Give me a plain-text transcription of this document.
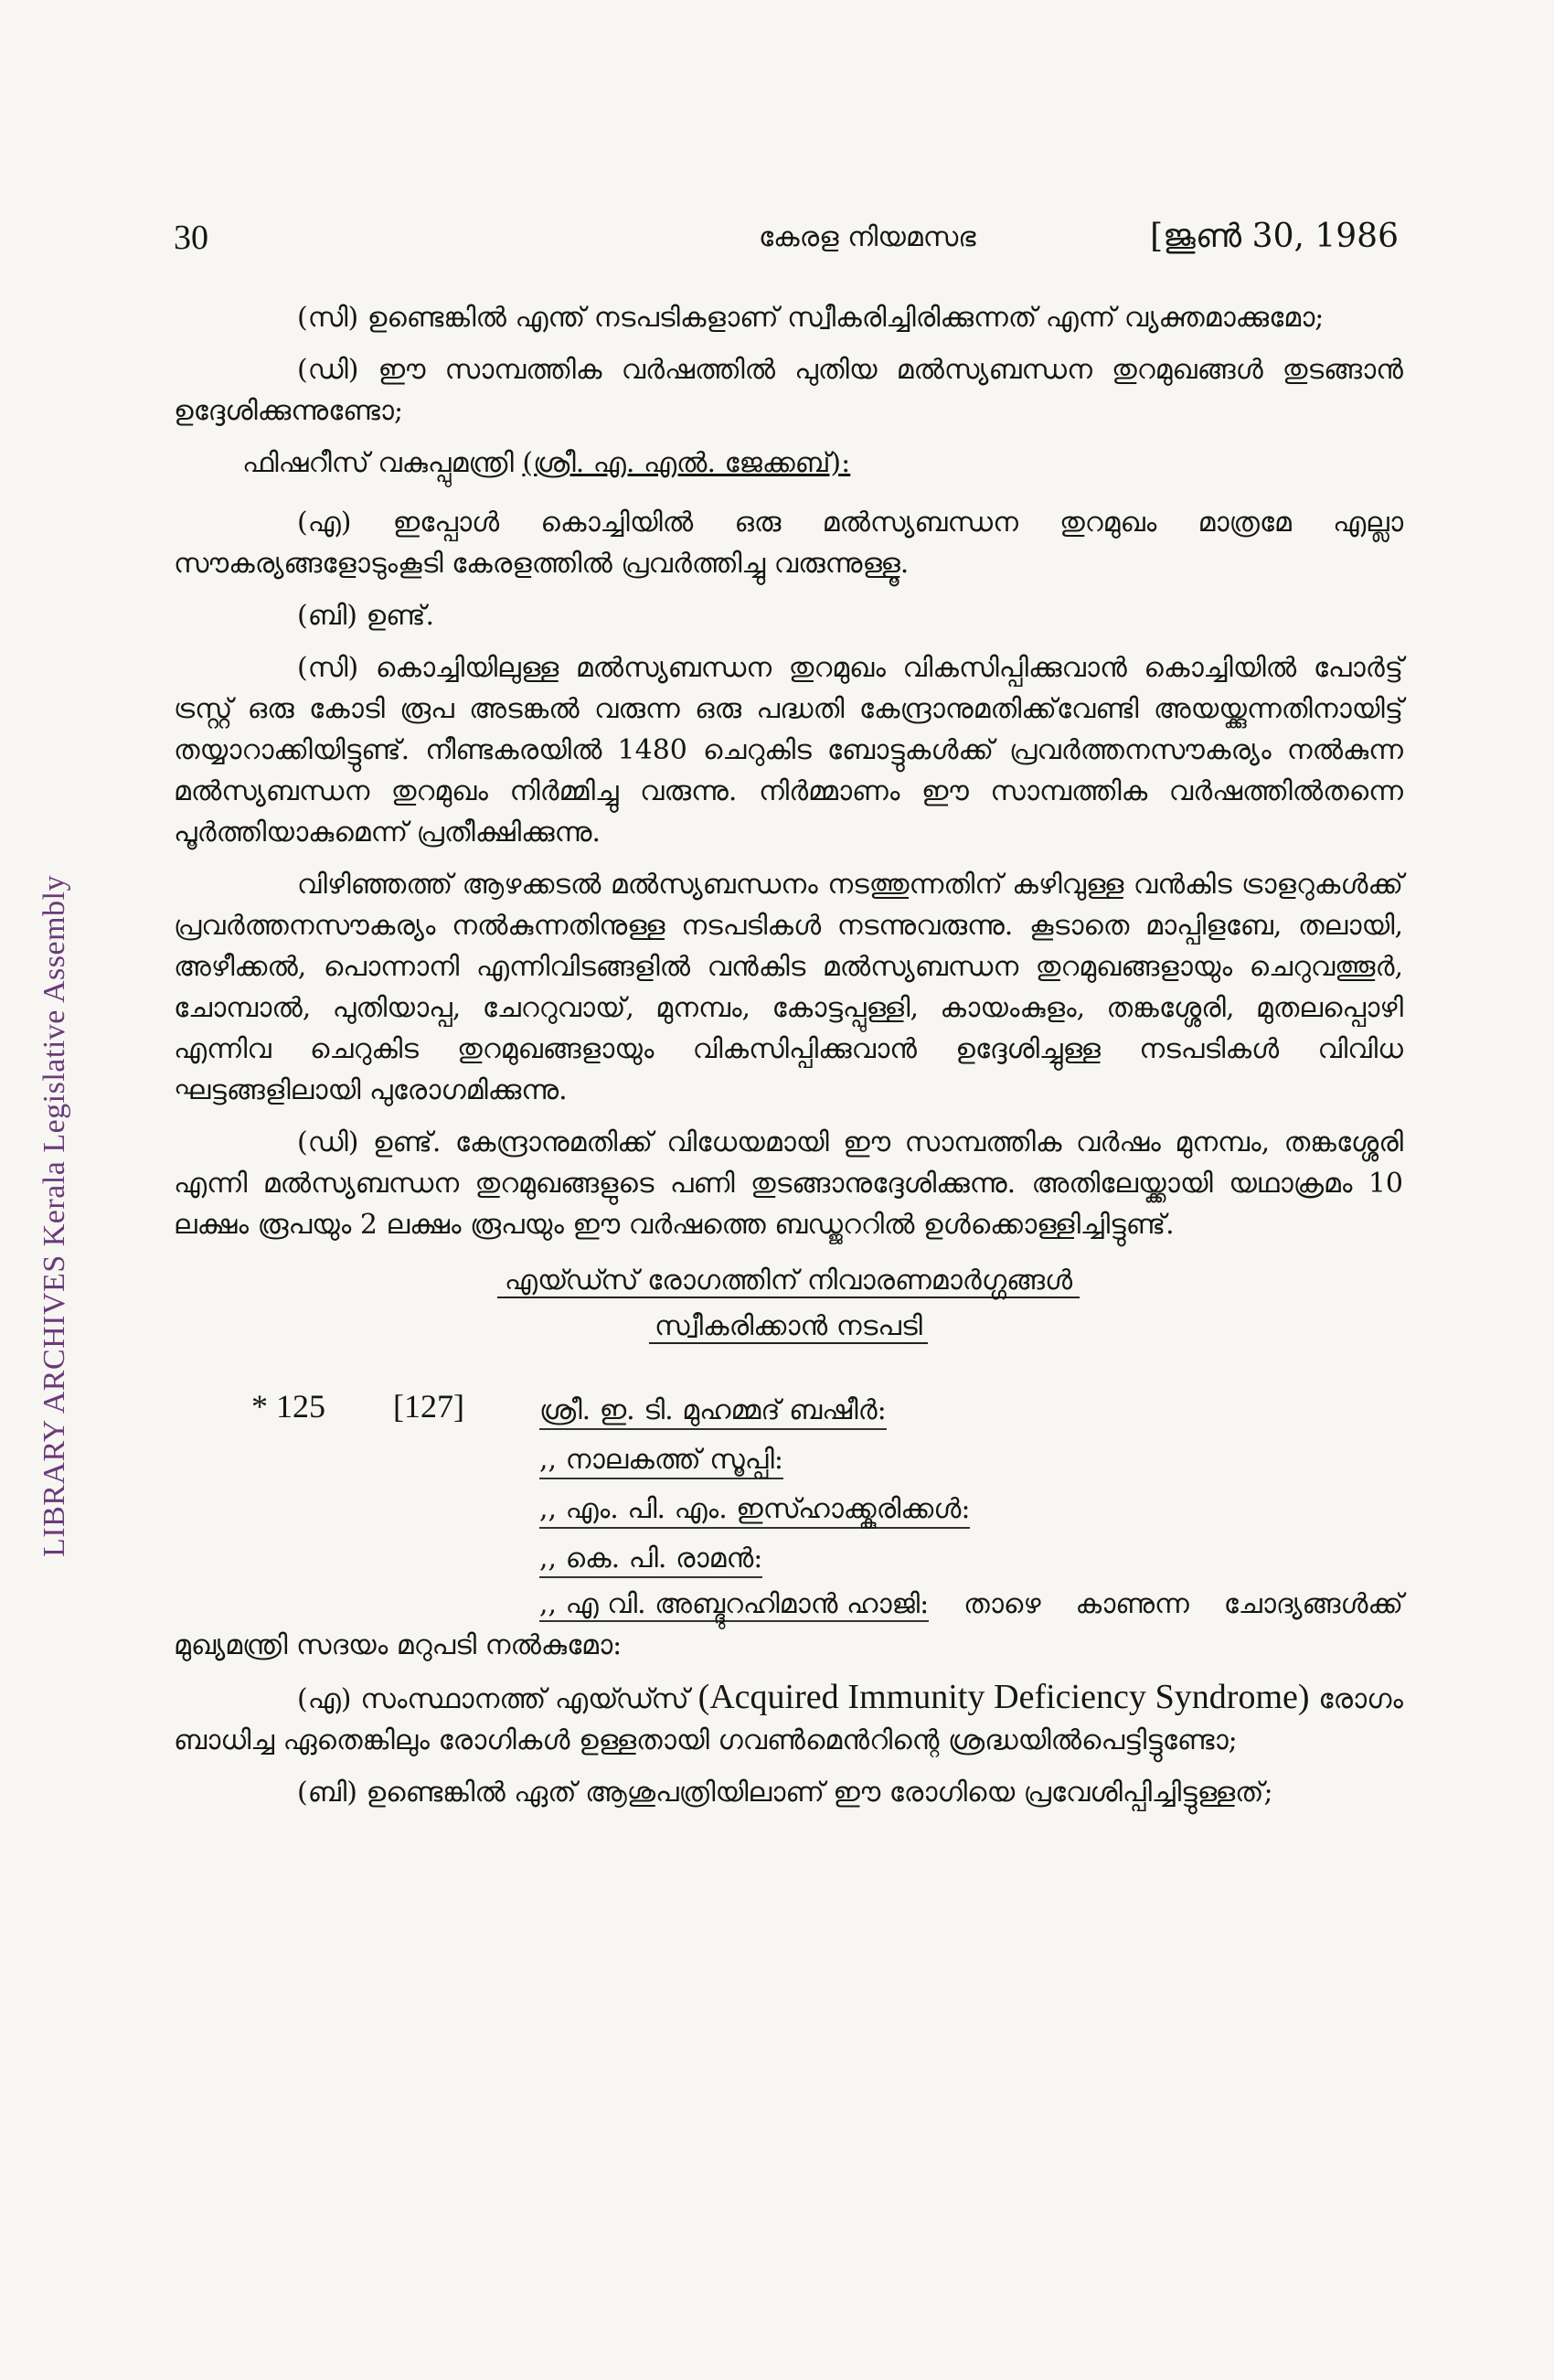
LIBRARY ARCHIVES Kerala Legislative Assembly
30	കേരള നിയമസഭ	[ജൂൺ 30, 1986

(സി) ഉണ്ടെങ്കിൽ എന്ത് നടപടികളാണ് സ്വീകരിച്ചിരിക്കുന്നത് എന്ന് വ്യക്തമാക്കുമോ;

(ഡി) ഈ സാമ്പത്തിക വർഷത്തിൽ പുതിയ മൽസ്യബന്ധന തുറമുഖങ്ങൾ തുടങ്ങാൻ ഉദ്ദേശിക്കുന്നുണ്ടോ;

ഫിഷറീസ് വകുപ്പുമന്ത്രി (ശ്രീ. എ. എൽ. ജേക്കബ്):

(എ) ഇപ്പോൾ കൊച്ചിയിൽ ഒരു മൽസ്യബന്ധന തുറമുഖം മാത്രമേ എല്ലാ സൗകര്യങ്ങളോടുംകൂടി കേരളത്തിൽ പ്രവർത്തിച്ചു വരുന്നുള്ളൂ.

(ബി) ഉണ്ട്.

(സി) കൊച്ചിയിലുള്ള മൽസ്യബന്ധന തുറമുഖം വികസിപ്പിക്കുവാൻ കൊച്ചിയിൽ പോർട്ട് ട്രസ്റ്റ് ഒരു കോടി രൂപ അടങ്കൽ വരുന്ന ഒരു പദ്ധതി കേന്ദ്രാനുമതിക്ക്‌വേണ്ടി അയയ്ക്കുന്നതിനായിട്ട് തയ്യാറാക്കിയിട്ടുണ്ട്. നീണ്ടകരയിൽ 1480 ചെറുകിട ബോട്ടുകൾക്ക് പ്രവർത്തനസൗകര്യം നൽകുന്ന മൽസ്യബന്ധന തുറമുഖം നിർമ്മിച്ചു വരുന്നു. നിർമ്മാണം ഈ സാമ്പത്തിക വർഷത്തിൽതന്നെ പൂർത്തിയാകുമെന്ന് പ്രതീക്ഷിക്കുന്നു.

വിഴിഞ്ഞത്ത് ആഴക്കടൽ മൽസ്യബന്ധനം നടത്തുന്നതിന് കഴിവുള്ള വൻകിട ട്രാളറുകൾക്ക് പ്രവർത്തനസൗകര്യം നൽകുന്നതിനുള്ള നടപടികൾ നടന്നുവരുന്നു. കൂടാതെ മാപ്പിളബേ, തലായി, അഴീക്കൽ, പൊന്നാനി എന്നിവിടങ്ങളിൽ വൻകിട മൽസ്യബന്ധന തുറമുഖങ്ങളായും ചെറുവത്തൂർ, ചോമ്പാൽ, പുതിയാപ്പ, ചേററുവായ്, മുനമ്പം, കോട്ടപ്പുള്ളി, കായംകുളം, തങ്കശ്ശേരി, മുതലപ്പൊഴി എന്നിവ ചെറുകിട തുറമുഖങ്ങളായും വികസിപ്പിക്കുവാൻ ഉദ്ദേശിച്ചുള്ള നടപടികൾ വിവിധ ഘട്ടങ്ങളിലായി പുരോഗമിക്കുന്നു.

(ഡി) ഉണ്ട്. കേന്ദ്രാനുമതിക്ക് വിധേയമായി ഈ സാമ്പത്തിക വർഷം മുനമ്പം, തങ്കശ്ശേരി എന്നി മൽസ്യബന്ധന തുറമുഖങ്ങളുടെ പണി തുടങ്ങാനുദ്ദേശിക്കുന്നു. അതിലേയ്ക്കായി യഥാക്രമം 10 ലക്ഷം രൂപയും 2 ലക്ഷം രൂപയും ഈ വർഷത്തെ ബഡ്ജററിൽ ഉൾക്കൊള്ളിച്ചിട്ടുണ്ട്.

എയ്ഡ്സ് രോഗത്തിന് നിവാരണമാർഗ്ഗങ്ങൾ
സ്വീകരിക്കാൻ നടപടി
* 125 [127]	ശ്രീ. ഇ. ടി. മുഹമ്മദ് ബഷീർ:
,, നാലകത്ത് സൂപ്പി:
,, എം. പി. എം. ഇസ്ഹാക്ക്കുരിക്കൾ:
,, കെ. പി. രാമൻ:

,, എ വി. അബ്ദുറഹിമാൻ ഹാജി: താഴെ കാണുന്ന ചോദ്യങ്ങൾക്ക് മുഖ്യമന്ത്രി സദയം മറുപടി നൽകുമോ:

(എ) സംസ്ഥാനത്ത് എയ്ഡ്സ് (Acquired Immunity Deficiency Syndrome) രോഗം ബാധിച്ച ഏതെങ്കിലും രോഗികൾ ഉള്ളതായി ഗവൺമെൻറിന്റെ ശ്രദ്ധയിൽപെട്ടിട്ടുണ്ടോ;

(ബി) ഉണ്ടെങ്കിൽ ഏത് ആശുപത്രിയിലാണ് ഈ രോഗിയെ പ്രവേശിപ്പിച്ചിട്ടുള്ളത്;
